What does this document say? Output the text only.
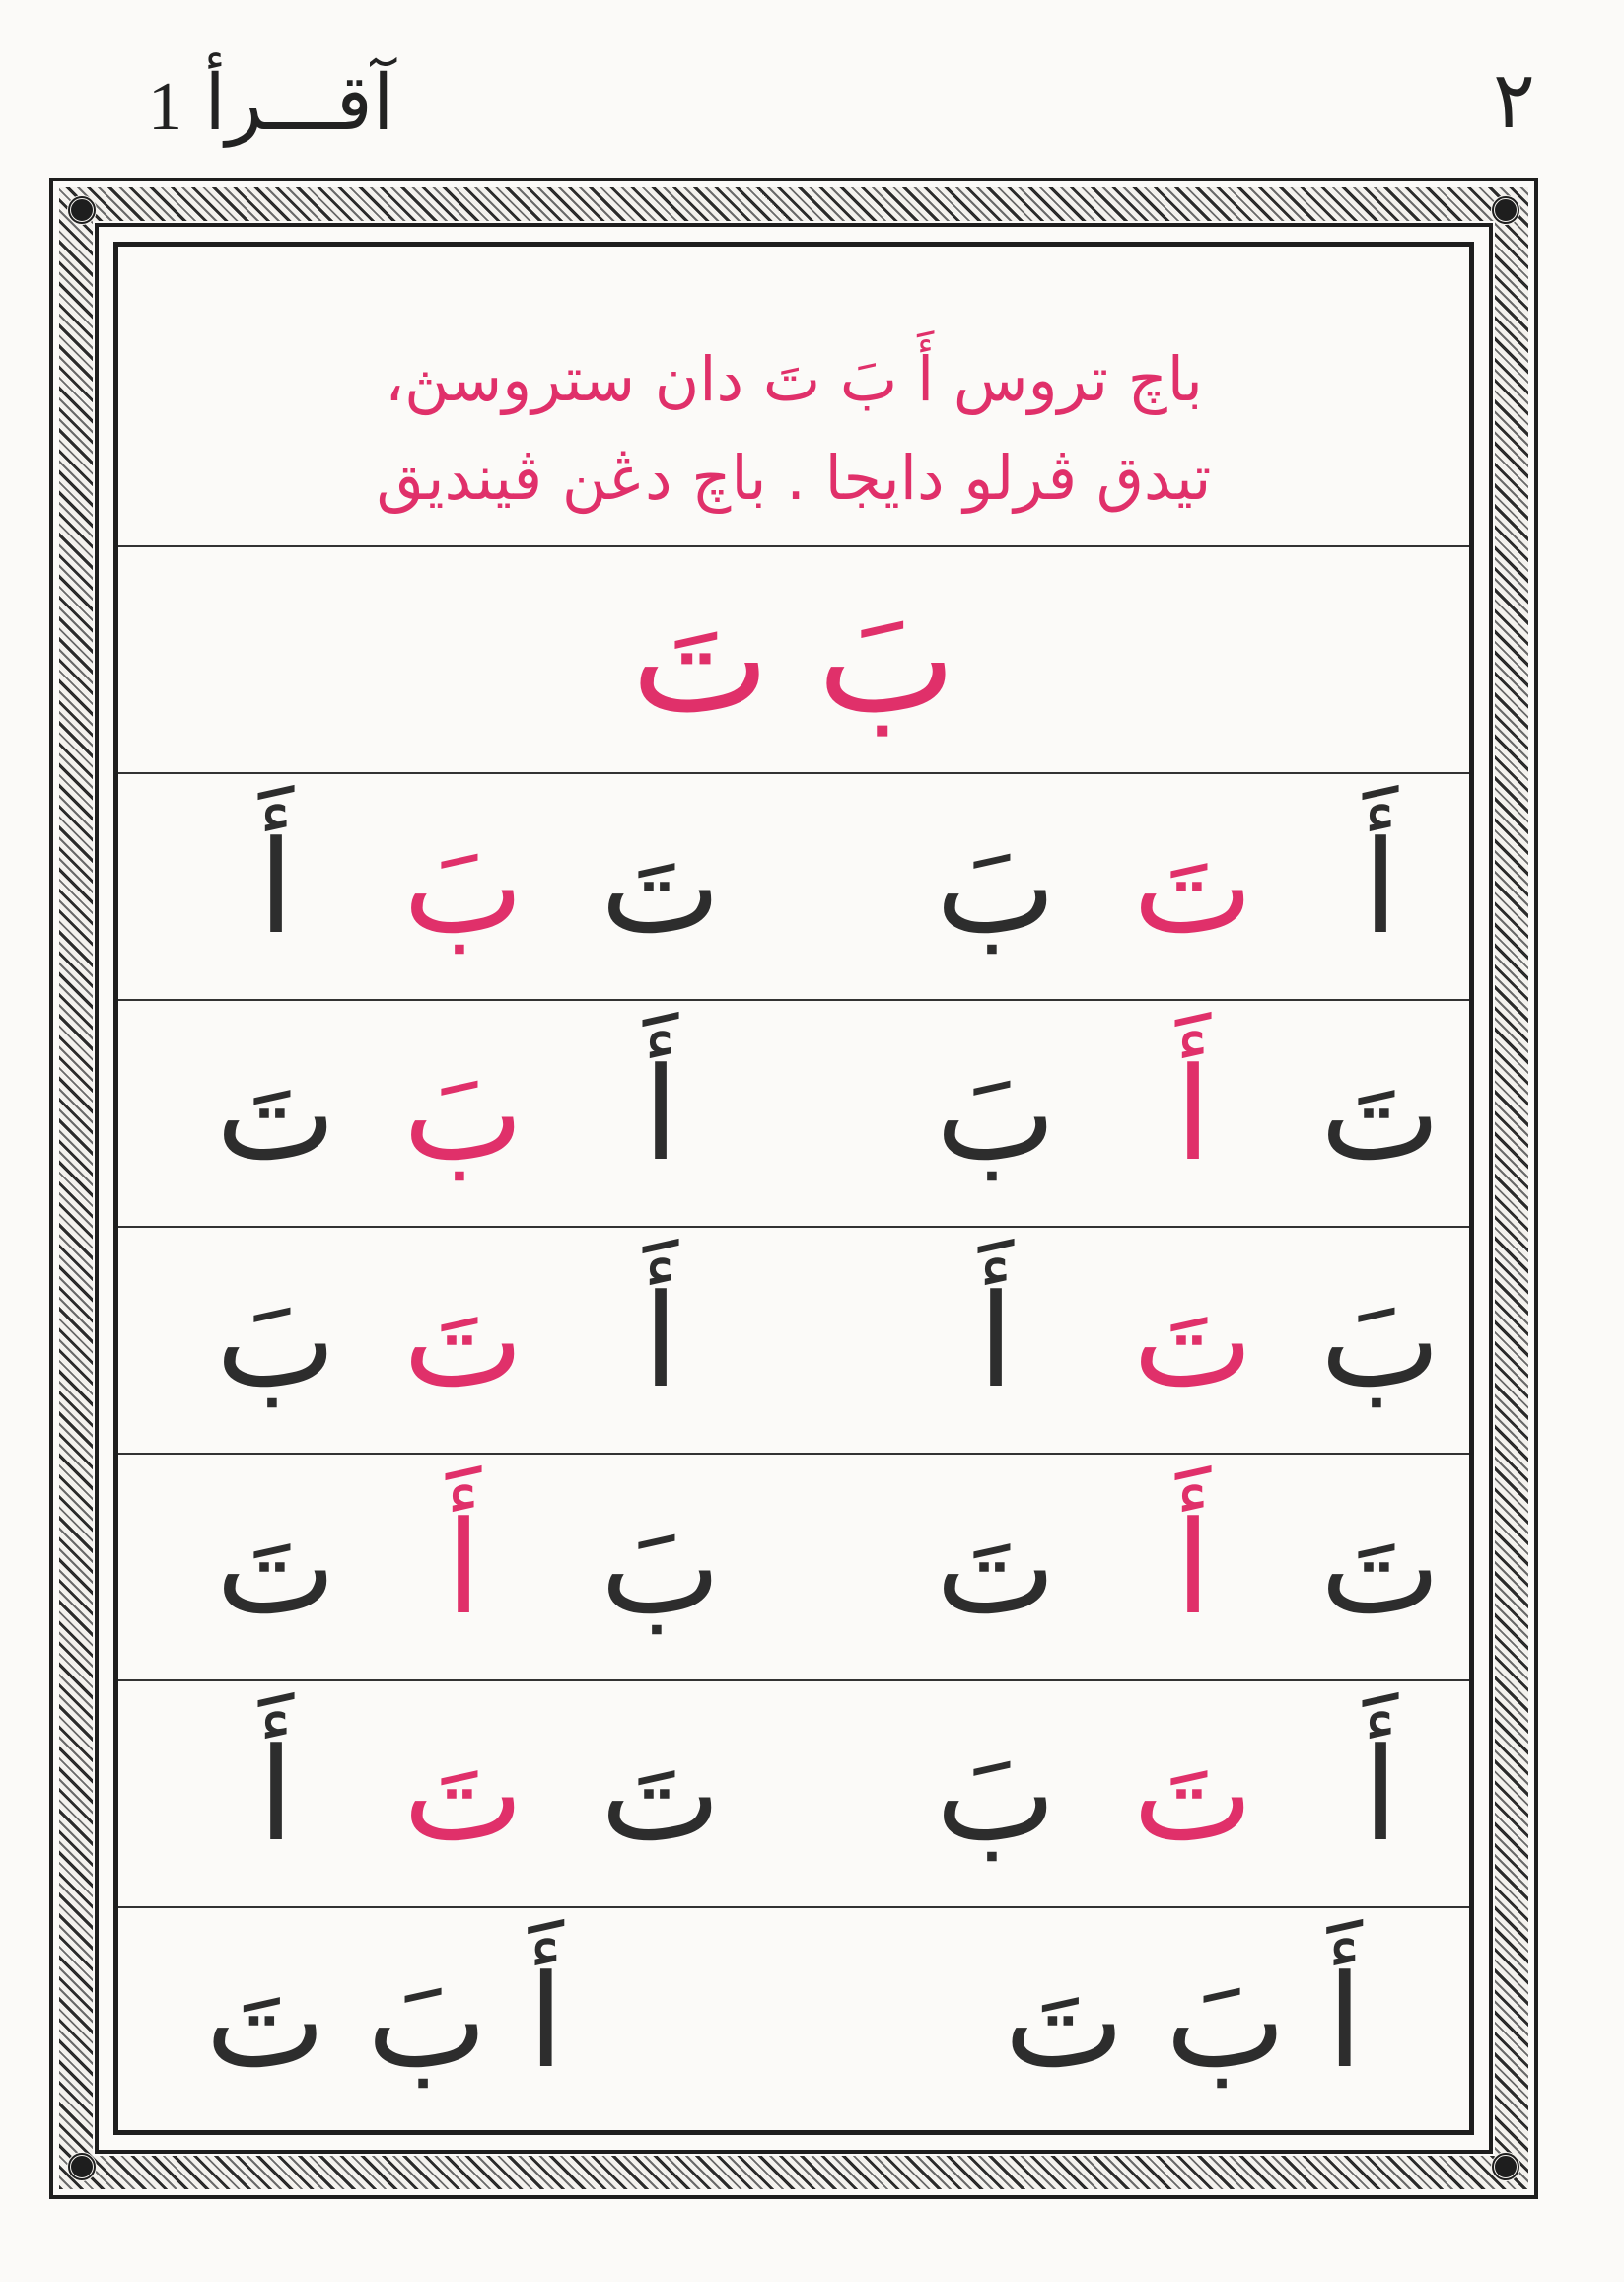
1 آقـــرأ	٢
باچ تروس أَ بَ تَ دان ستروسڽ،
تيدق ڤرلو دايجا . باچ دڠن ڤينديق
بَ تَ
أَ
تَ
بَ
تَ
بَ
أَ
تَ
أَ
بَ
أَ
بَ
تَ
بَ
تَ
أَ
أَ
تَ
بَ
تَ
أَ
تَ
بَ
أَ
تَ
أَ
تَ
بَ
تَ
تَ
أَ
أَ بَ تَ
أَ بَ تَ
